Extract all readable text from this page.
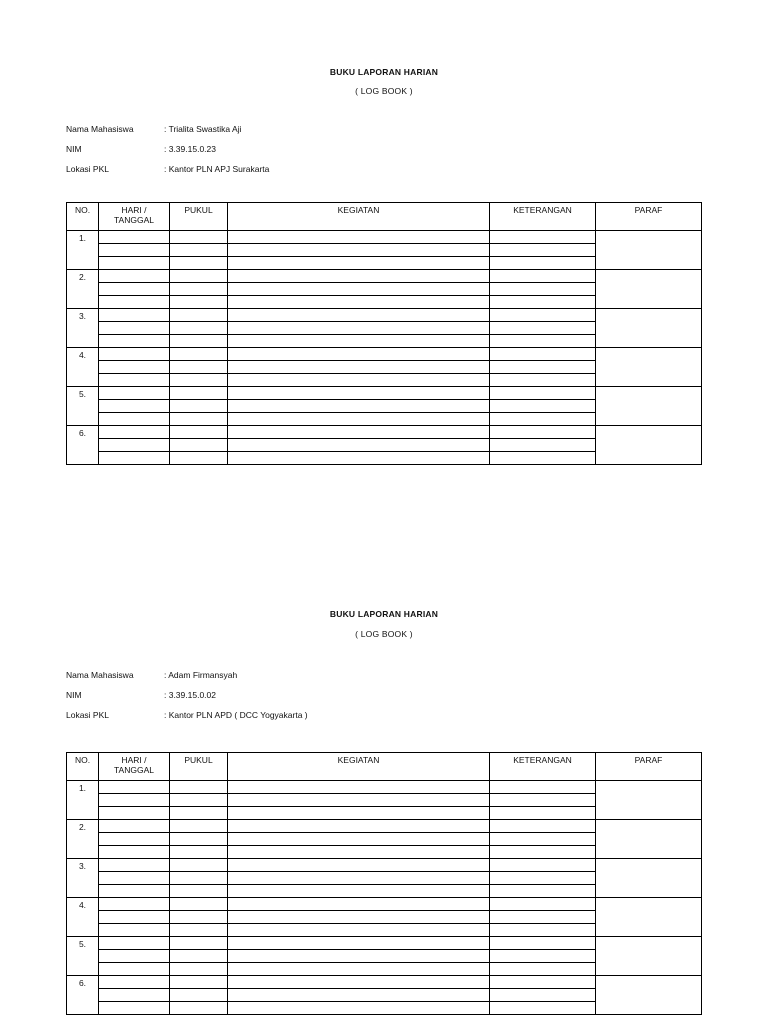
BUKU LAPORAN HARIAN
( LOG BOOK )
Nama Mahasiswa	: Trialita Swastika Aji
NIM	: 3.39.15.0.23
Lokasi PKL	: Kantor PLN APJ Surakarta
NO.	HARI /
TANGGAL	PUKUL	KEGIATAN	KETERANGAN	PARAF
1.					

2.					

3.					

4.					

5.					

6.					

BUKU LAPORAN HARIAN
( LOG BOOK )
Nama Mahasiswa	: Adam Firmansyah
NIM	: 3.39.15.0.02
Lokasi PKL	: Kantor PLN APD ( DCC Yogyakarta )
NO.	HARI /
TANGGAL	PUKUL	KEGIATAN	KETERANGAN	PARAF
1.					

2.					

3.					

4.					

5.					

6.					
